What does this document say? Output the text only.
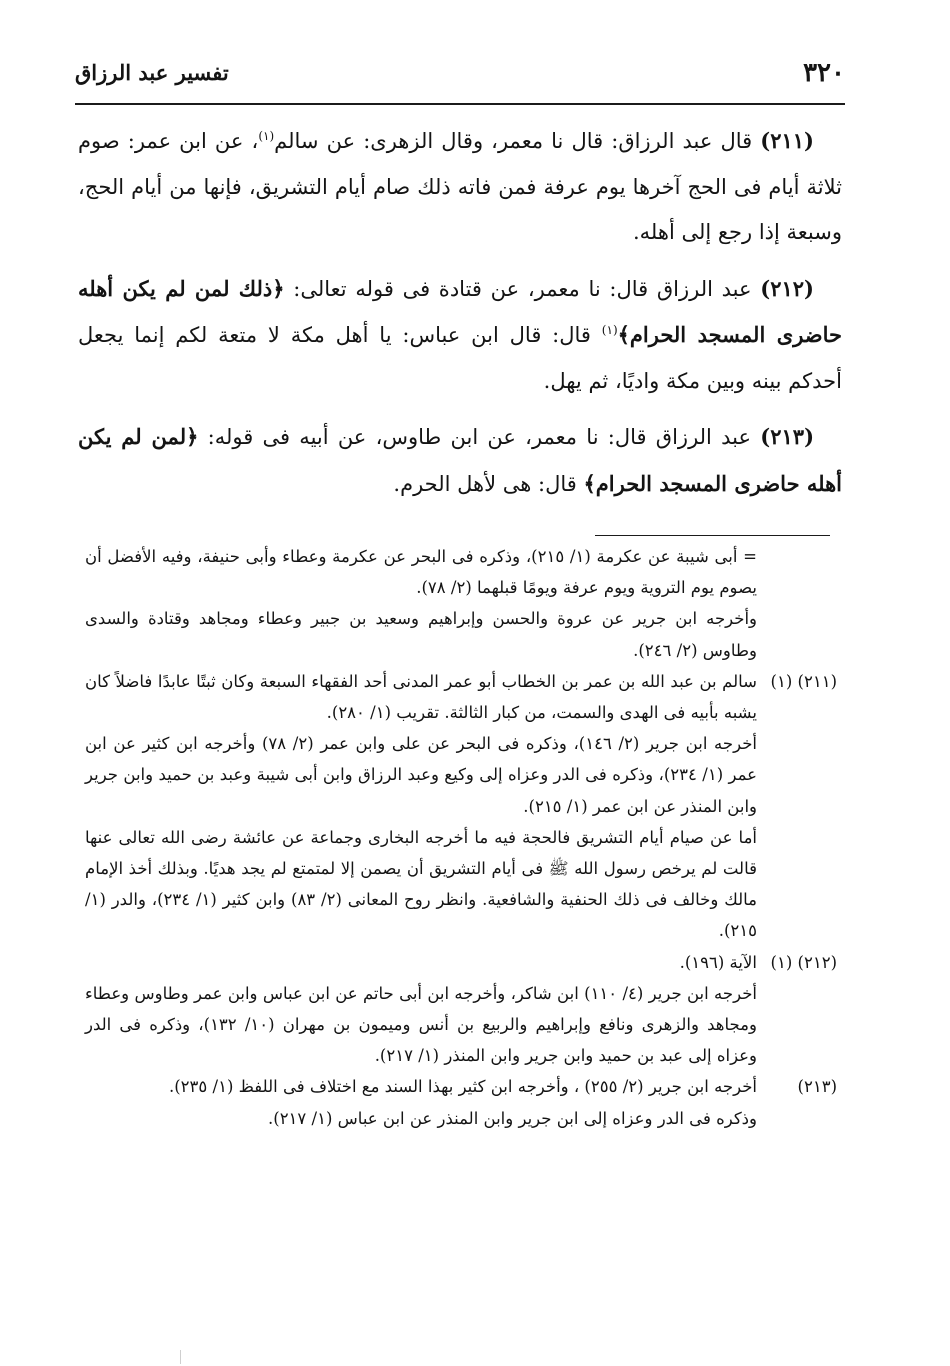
٣٢٠
تفسير عبد الرزاق

(٢١١) قال عبد الرزاق: قال نا معمر، وقال الزهرى: عن سالم$^{(١)}$، عن ابن عمر: صوم ثلاثة أيام فى الحج آخرها يوم عرفة فمن فاته ذلك صام أيام التشريق، فإنها من أيام الحج، وسبعة إذا رجع إلى أهله.

(٢١٢) عبد الرزاق قال: نا معمر، عن قتادة فى قوله تعالى: ﴿ذلك لمن لم يكن أهله حاضرى المسجد الحرام﴾$^{(١)}$ قال: قال ابن عباس: يا أهل مكة لا متعة لكم إنما يجعل أحدكم بينه وبين مكة واديًا، ثم يهل.

(٢١٣) عبد الرزاق قال: نا معمر، عن ابن طاوس، عن أبيه فى قوله: ﴿لمن لم يكن أهله حاضرى المسجد الحرام﴾ قال: هى لأهل الحرم.

= أبى شيبة عن عكرمة (١/ ٢١٥)، وذكره فى البحر عن عكرمة وعطاء وأبى حنيفة، وفيه الأفضل أن يصوم يوم التروية ويوم عرفة ويومًا قبلهما (٢/ ٧٨).

وأخرجه ابن جرير عن عروة والحسن وإبراهيم وسعيد بن جبير وعطاء ومجاهد وقتادة والسدى وطاوس (٢/ ٢٤٦).

(٢١١) (١)

سالم بن عبد الله بن عمر بن الخطاب أبو عمر المدنى أحد الفقهاء السبعة وكان ثبتًا عابدًا فاضلاً كان يشبه بأبيه فى الهدى والسمت، من كبار الثالثة. تقريب (١/ ٢٨٠).

أخرجه ابن جرير (٢/ ١٤٦)، وذكره فى البحر عن على وابن عمر (٢/ ٧٨) وأخرجه ابن كثير عن ابن عمر (١/ ٢٣٤)، وذكره فى الدر وعزاه إلى وكيع وعبد الرزاق وابن أبى شيبة وعبد بن حميد وابن جرير وابن المنذر عن ابن عمر (١/ ٢١٥).

أما عن صيام أيام التشريق فالحجة فيه ما أخرجه البخارى وجماعة عن عائشة رضى الله تعالى عنها قالت لم يرخص رسول الله ﷺ فى أيام التشريق أن يصمن إلا لمتمتع لم يجد هديًا. وبذلك أخذ الإمام مالك وخالف فى ذلك الحنفية والشافعية. وانظر روح المعانى (٢/ ٨٣) وابن كثير (١/ ٢٣٤)، والدر (١/ ٢١٥).

(٢١٢) (١)

الآية (١٩٦).

أخرجه ابن جرير (٤/ ١١٠) ابن شاكر، وأخرجه ابن أبى حاتم عن ابن عباس وابن عمر وطاوس وعطاء ومجاهد والزهرى ونافع وإبراهيم والربيع بن أنس وميمون بن مهران (١٠/ ١٣٢)، وذكره فى الدر وعزاه إلى عبد بن حميد وابن جرير وابن المنذر (١/ ٢١٧).

(٢١٣)

أخرجه ابن جرير (٢/ ٢٥٥) ، وأخرجه ابن كثير بهذا السند مع اختلاف فى اللفظ (١/ ٢٣٥).

وذكره فى الدر وعزاه إلى ابن جرير وابن المنذر عن ابن عباس (١/ ٢١٧).
